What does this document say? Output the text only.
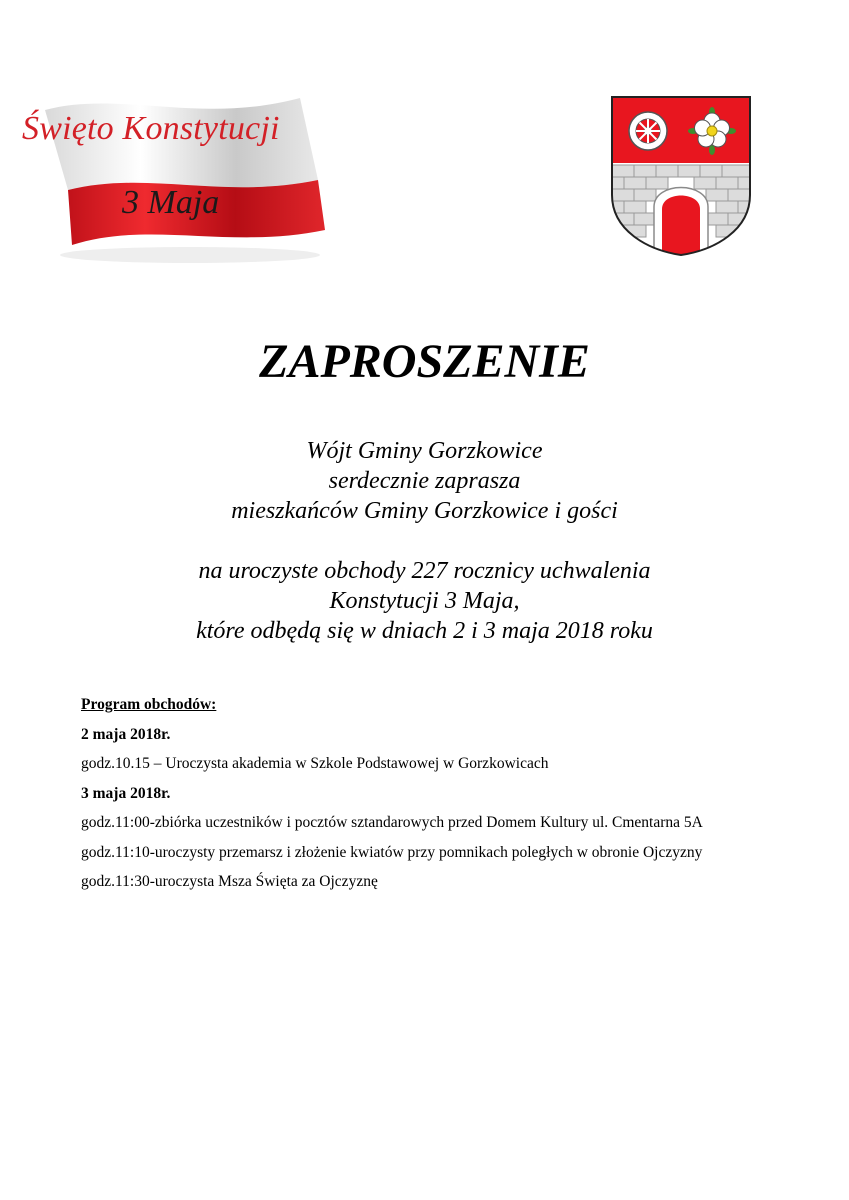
Święto Konstytucji
3 Maja
ZAPROSZENIE

Wójt Gminy Gorzkowice

serdecznie zaprasza

mieszkańców Gminy Gorzkowice i gości

na uroczyste obchody 227 rocznicy uchwalenia

Konstytucji 3 Maja,

które odbędą się w dniach 2 i 3 maja 2018 roku

Program obchodów:
2 maja 2018r.
godz.10.15 – Uroczysta akademia w Szkole Podstawowej w Gorzkowicach
3 maja 2018r.
godz.11:00-zbiórka uczestników i pocztów sztandarowych przed Domem Kultury ul. Cmentarna 5A
godz.11:10-uroczysty przemarsz i złożenie kwiatów przy pomnikach poległych w obronie Ojczyzny
godz.11:30-uroczysta Msza Święta za Ojczyznę
